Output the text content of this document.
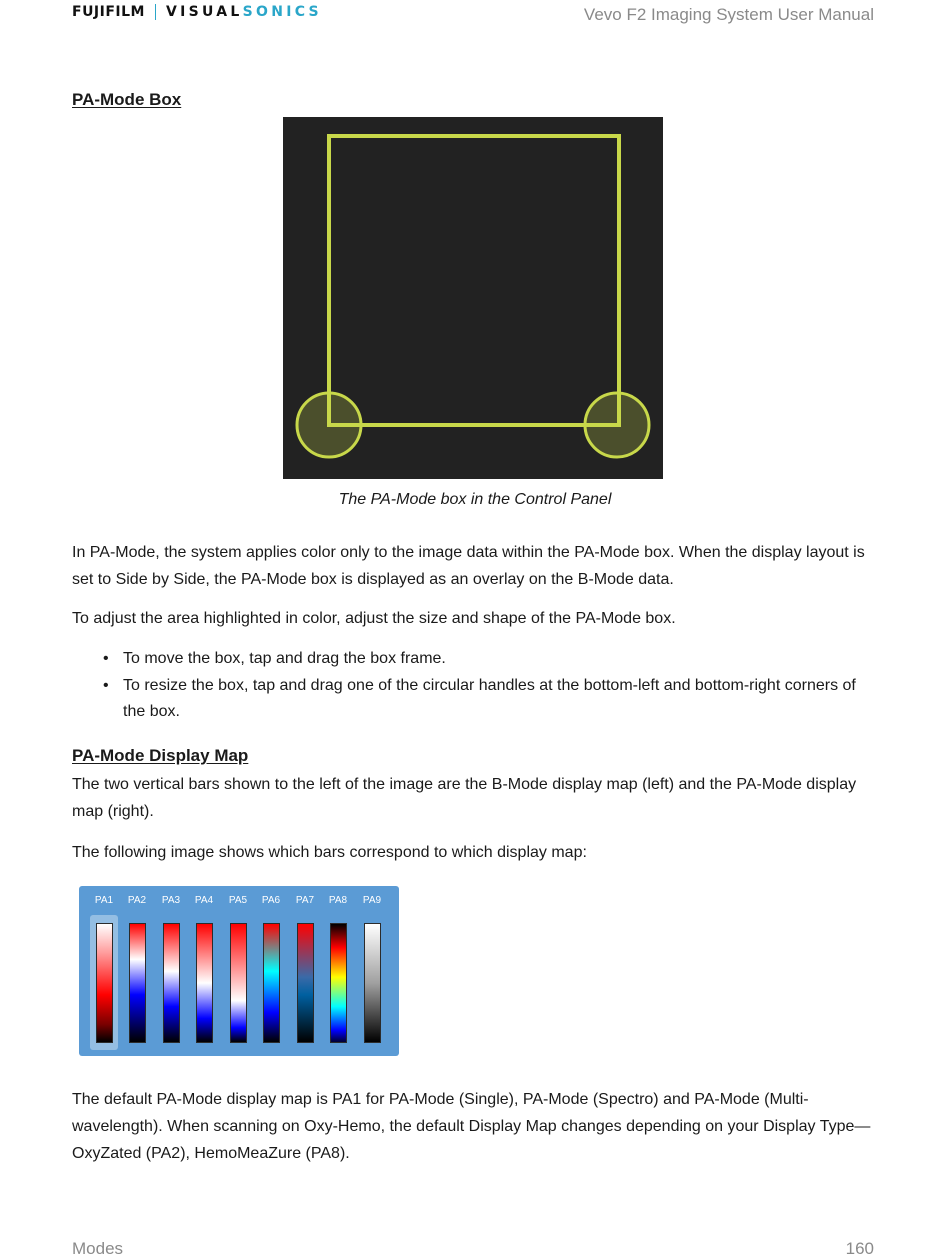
FUJIFILM VISUAL SONICS	Vevo F2 Imaging System User Manual
PA-Mode Box
The PA-Mode box in the Control Panel
In PA-Mode, the system applies color only to the image data within the PA-Mode box. When the display layout is set to Side by Side, the PA-Mode box is displayed as an overlay on the B-Mode data.
To adjust the area highlighted in color, adjust the size and shape of the PA-Mode box.
• To move the box, tap and drag the box frame.
• To resize the box, tap and drag one of the circular handles at the bottom-left and bottom-right corners of the box.
PA-Mode Display Map
The two vertical bars shown to the left of the image are the B-Mode display map (left) and the PA-Mode display map (right).
The following image shows which bars correspond to which display map:
PA1	PA2	PA3	PA4	PA5	PA6	PA7	PA8	PA9
The default PA-Mode display map is PA1 for PA-Mode (Single), PA-Mode (Spectro) and PA-Mode (Multi-wavelength). When scanning on Oxy-Hemo, the default Display Map changes depending on your Display Type—OxyZated (PA2), HemoMeaZure (PA8).
Modes	160
